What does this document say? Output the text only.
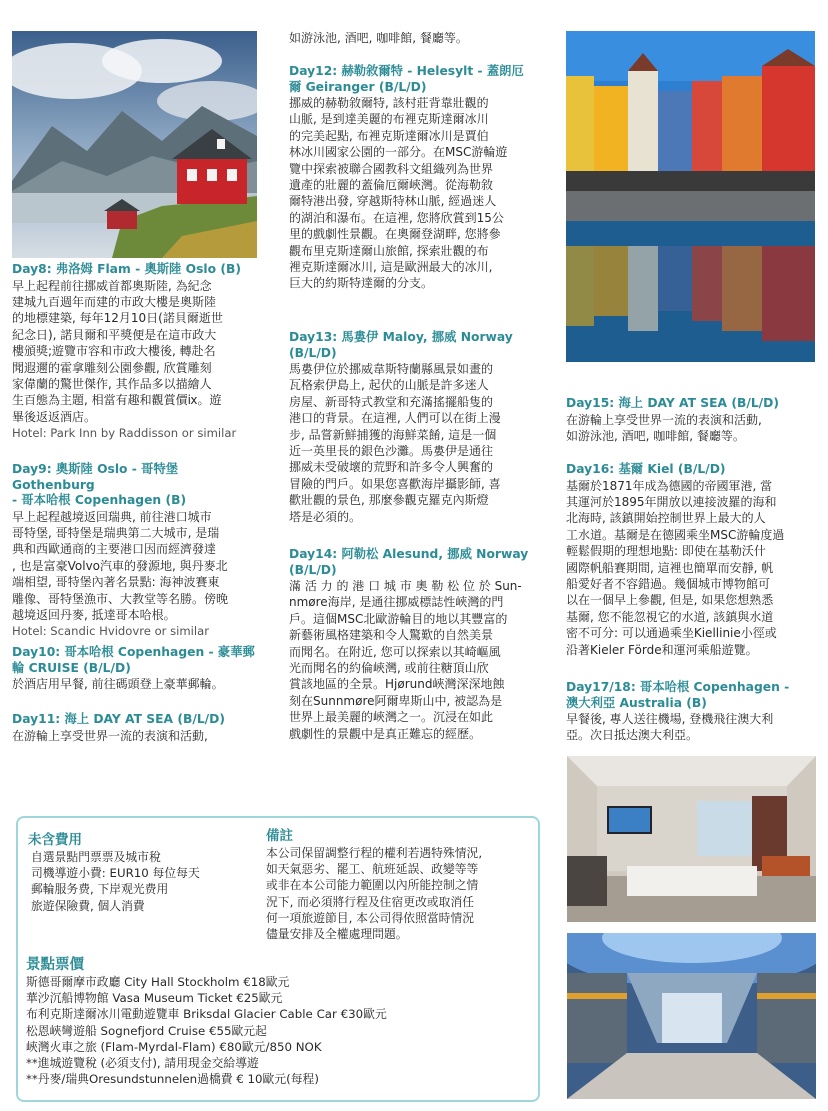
Day8: 弗洛姆 Flam - 奧斯陸 Oslo (B)
早上起程前往挪威首都奧斯陸, 為紀念
建城九百週年而建的市政大樓是奧斯陸
的地標建築, 每年12月10日(諾貝爾逝世
紀念日), 諾貝爾和平獎便是在這市政大
樓頒獎;遊覽市容和市政大樓後, 轉赴名
聞遐邇的霍拿雕刻公園參觀, 欣賞雕刻
家偉蘭的驚世傑作, 其作品多以描繪人
生百態為主題, 相當有趣和觀賞價ⅸ。遊
畢後返返酒店。
Hotel: Park Inn by Raddisson or similar
Day9: 奧斯陸 Oslo - 哥特堡 Gothenburg
- 哥本哈根 Copenhagen (B)
早上起程越境返回瑞典, 前往港口城市
哥特堡, 哥特堡是瑞典第二大城市, 是瑞
典和西歐通商的主要港口因而經濟發達
, 也是富豪Volvo汽車的發源地, 與丹麥北
端相望, 哥特堡內著名景點: 海神波賽東
雕像、哥特堡漁市、大教堂等名勝。傍晚
越境返回丹麥, 抵達哥本哈根。
Hotel: Scandic Hvidovre or similar
Day10: 哥本哈根 Copenhagen - 豪華郵
輪 CRUISE (B/L/D)
於酒店用早餐, 前往碼頭登上豪華郵輪。
Day11: 海上 DAY AT SEA (B/L/D)
在游輪上享受世界一流的表演和活動,
如游泳池, 酒吧, 咖啡館, 餐廳等。
Day12: 赫勒敘爾特 - Helesylt - 蓋朗厄
爾 Geiranger (B/L/D)
挪威的赫勒敘爾特, 該村莊背靠壯觀的
山脈, 是到達美麗的布裡克斯達爾冰川
的完美起點, 布裡克斯達爾冰川是賈伯
林冰川國家公園的一部分。在MSC游輪遊
覽中探索被聯合國教科文組織列為世界
遺產的壯麗的蓋倫厄爾峽灣。從海勒敘
爾特港出發, 穿越斯特林山脈, 經過迷人
的湖泊和瀑布。在這裡, 您將欣賞到15公
里的戲劇性景觀。在奧爾登湖畔, 您將參
觀布里克斯達爾山旅館, 探索壯觀的布
裡克斯達爾冰川, 這是歐洲最大的冰川,
巨大的約斯特達爾的分支。
Day13: 馬婁伊 Maloy, 挪威 Norway
(B/L/D)
馬婁伊位於挪威韋斯特蘭縣風景如畫的
瓦格索伊島上, 起伏的山脈是許多迷人
房屋、新哥特式教堂和充滿搖擺船隻的
港口的背景。在這裡, 人們可以在街上漫
步, 品嘗新鮮捕獲的海鮮菜餚, 這是一個
近一英里長的銀色沙灘。馬婁伊是通往
挪威未受破壞的荒野和許多令人興奮的
冒險的門戶。如果您喜歡海岸攝影師, 喜
歡壯觀的景色, 那麼參觀克羅克內斯燈
塔是必須的。
Day14: 阿勒松 Alesund, 挪威 Norway
(B/L/D)
滿 活 力 的 港 口 城 市 奧 勒 松 位 於 Sun-
nmøre海岸, 是通往挪威標誌性峽灣的門
戶。這個MSC北歐游輪目的地以其豐富的
新藝術風格建築和令人驚歎的自然美景
而聞名。在附近, 您可以探索以其崎嶇風
光而聞名的約倫峽灣, 或前往糖頂山欣
賞該地區的全景。Hjørund峽灣深深地蝕
刻在Sunnmøre阿爾卑斯山中, 被認為是
世界上最美麗的峽灣之一。沉浸在如此
戲劇性的景觀中是真正難忘的經歷。
Day15: 海上 DAY AT SEA (B/L/D)
在游輪上享受世界一流的表演和活動,
如游泳池, 酒吧, 咖啡館, 餐廳等。
Day16: 基爾 Kiel (B/L/D)
基爾於1871年成為德國的帝國軍港, 當
其運河於1895年開放以連接波羅的海和
北海時, 該鎮開始控制世界上最大的人
工水道。基爾是在德國乘坐MSC游輪度過
輕鬆假期的理想地點: 即使在基勒沃什
國際帆船賽期間, 這裡也簡單而安靜, 帆
船愛好者不容錯過。幾個城市博物館可
以在一個早上參觀, 但是, 如果您想熟悉
基爾, 您不能忽視它的水道, 該鎮與水道
密不可分: 可以通過乘坐Kiellinie小徑或
沿著Kieler Förde和運河乘船遊覽。
Day17/18: 哥本哈根 Copenhagen -
澳大利亞 Australia (B)
早餐後, 專人送往機場, 登機飛往澳大利
亞。次日抵达澳大利亞。
未含費用
自選景點門票票及城市稅
司機導遊小費: EUR10 每位每天
郵輪服务费, 下岸观光费用
旅遊保險費, 個人消費
備註
本公司保留調整行程的權利若遇特殊情況,
如天氣惡劣、罷工、航班延誤、政變等等
或非在本公司能力範圍以內所能控制之情
況下, 而必須將行程及住宿更改或取消任
何一項旅遊節目, 本公司得依照當時情況
儘量安排及全權處理問題。
景點票價
斯德哥爾摩市政廳 City Hall Stockholm €18歐元
華沙沉船博物館 Vasa Museum Ticket €25歐元
布利克斯達爾冰川電動遊覽車 Briksdal Glacier Cable Car €30歐元
松恩峽彎遊船 Sognefjord Cruise €55歐元起
峽灣火車之旅 (Flam-Myrdal-Flam) €80歐元/850 NOK
**進城遊覽稅 (必須支付), 請用現金交給導遊
**丹麥/瑞典Oresundstunnelen過橋費 € 10歐元(每程)
